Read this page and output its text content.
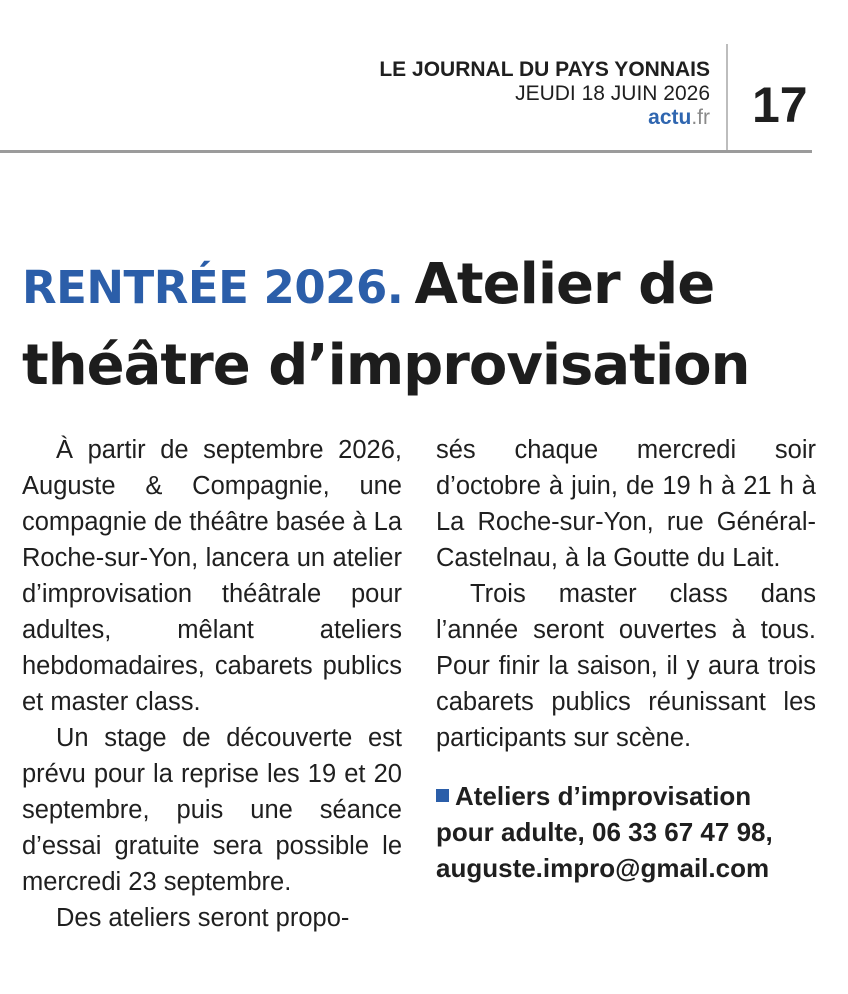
LE JOURNAL DU PAYS YONNAIS
JEUDI 18 JUIN 2026
actu.fr 17
RENTRÉE 2026. Atelier de théâtre d’improvisation

À partir de septembre 2026, Auguste & Compagnie, une compagnie de théâtre basée à La Roche-sur-Yon, lancera un atelier d’improvisation théâtrale pour adultes, mêlant ateliers hebdomadaires, cabarets publics et master class.

Un stage de découverte est prévu pour la reprise les 19 et 20 septembre, puis une séance d’essai gratuite sera possible le mercredi 23 septembre.

Des ateliers seront propo-

sés chaque mercredi soir d’octobre à juin, de 19 h à 21 h à La Roche-sur-Yon, rue Général-Castelnau, à la Goutte du Lait.

Trois master class dans l’année seront ouvertes à tous. Pour finir la saison, il y aura trois cabarets publics réunissant les participants sur scène.

Ateliers d’improvisation
pour adulte, 06 33 67 47 98,
auguste.impro@gmail.com
